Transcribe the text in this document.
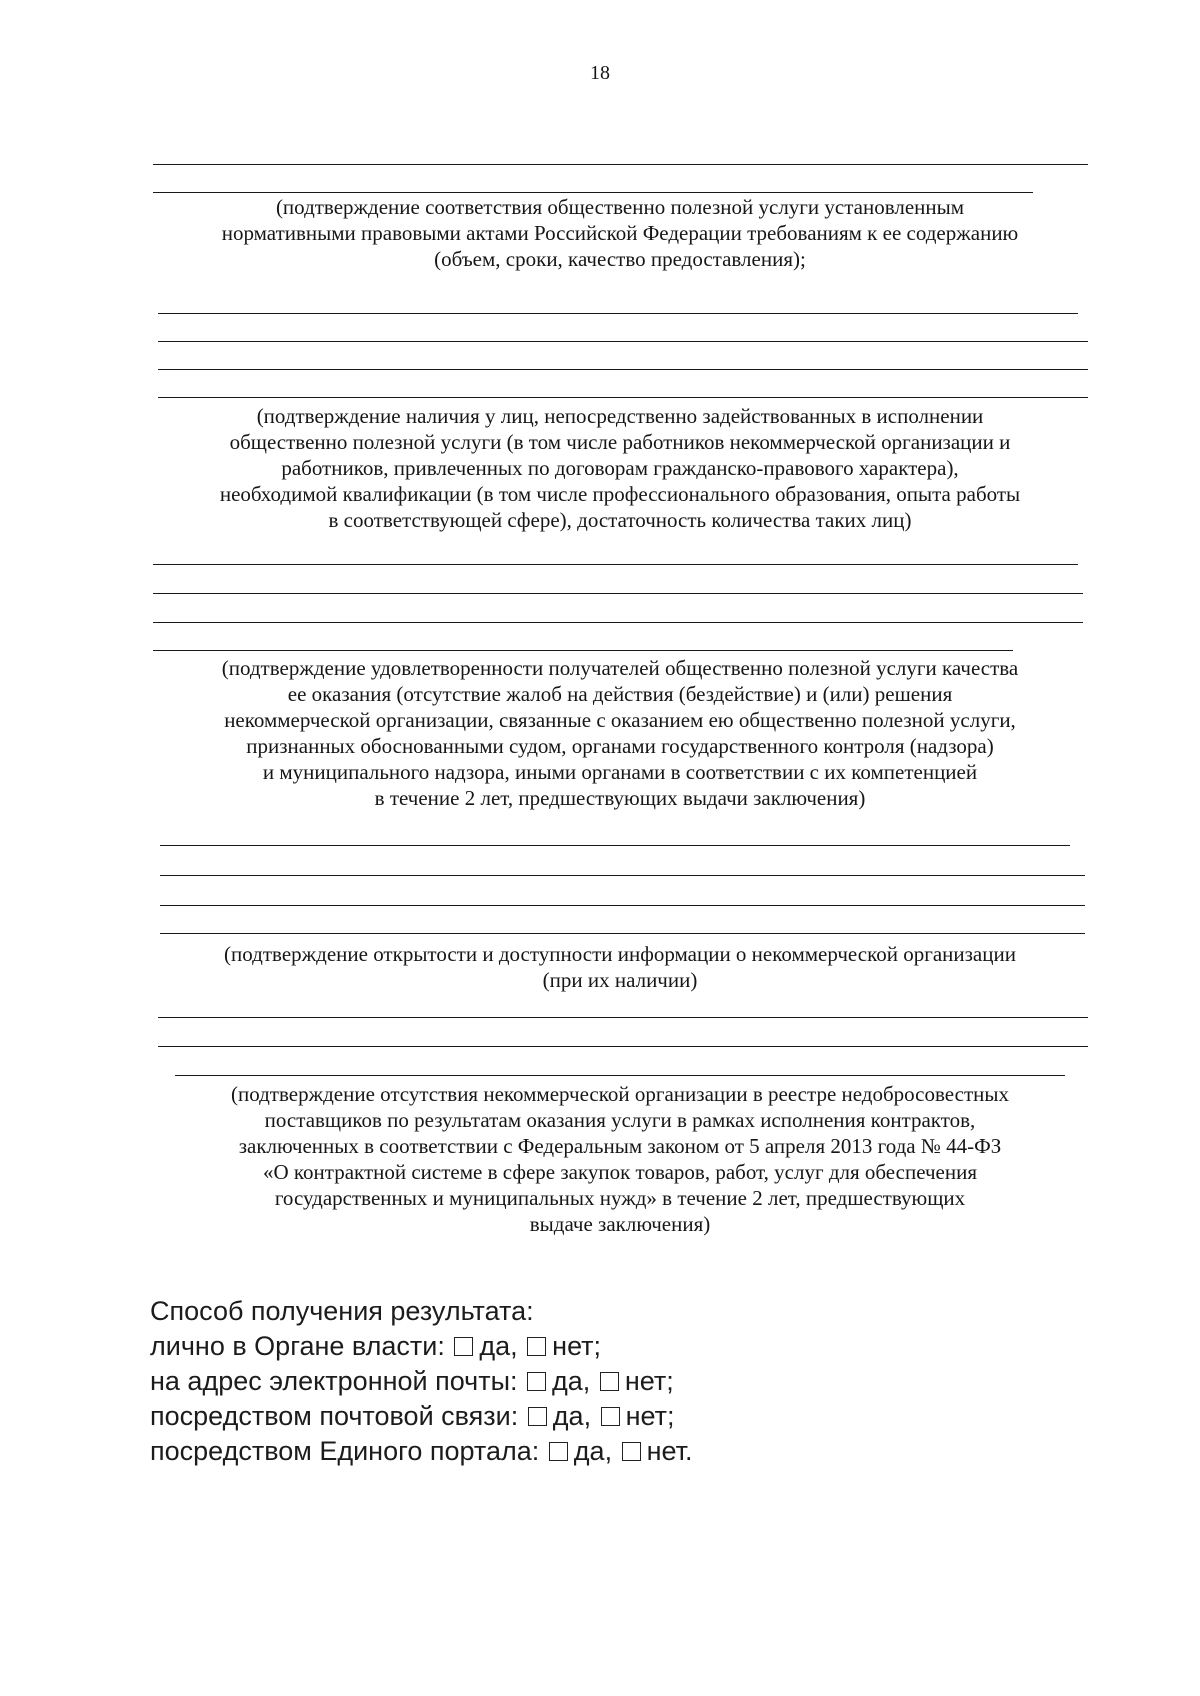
18
(подтверждение соответствия общественно полезной услуги установленным
нормативными правовыми актами Российской Федерации требованиям к ее содержанию
(объем, сроки, качество предоставления);
(подтверждение наличия у лиц, непосредственно задействованных в исполнении
общественно полезной услуги (в том числе работников некоммерческой организации и
работников, привлеченных по договорам гражданско-правового характера),
необходимой квалификации (в том числе профессионального образования, опыта работы
в соответствующей сфере), достаточность количества таких лиц)
(подтверждение удовлетворенности получателей общественно полезной услуги качества
ее оказания (отсутствие жалоб на действия (бездействие) и (или) решения
некоммерческой организации, связанные с оказанием ею общественно полезной услуги,
признанных обоснованными судом, органами государственного контроля (надзора)
и муниципального надзора, иными органами в соответствии с их компетенцией
в течение 2 лет, предшествующих выдачи заключения)
(подтверждение открытости и доступности информации о некоммерческой организации
(при их наличии)
(подтверждение отсутствия некоммерческой организации в реестре недобросовестных
поставщиков по результатам оказания услуги в рамках исполнения контрактов,
заключенных в соответствии с Федеральным законом от 5 апреля 2013 года № 44-ФЗ
«О контрактной системе в сфере закупок товаров, работ, услуг для обеспечения
государственных и муниципальных нужд» в течение 2 лет, предшествующих
выдаче заключения)
Способ получения результата:
лично в Органе власти: да, нет;
на адрес электронной почты: да, нет;
посредством почтовой связи: да, нет;
посредством Единого портала: да, нет.
